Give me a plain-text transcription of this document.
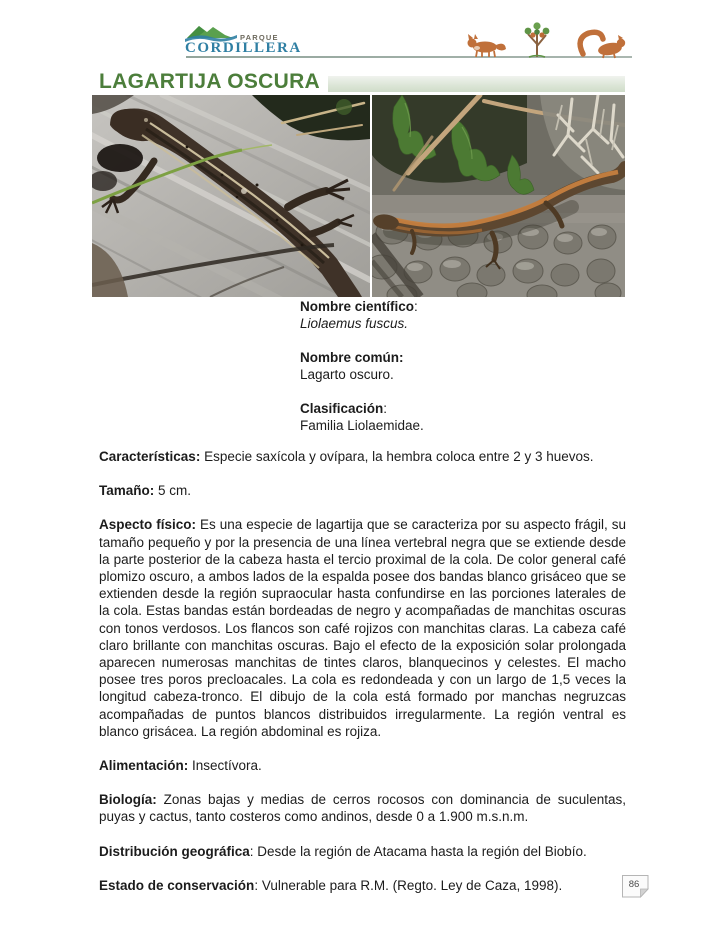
PARQUE
CORDILLERA
LAGARTIJA OSCURA

Nombre científico:

Liolaemus fuscus.

Nombre común:

Lagarto oscuro.

Clasificación:

Familia Liolaemidae.

Características: Especie saxícola y ovípara, la hembra coloca entre 2 y 3 huevos.

Tamaño: 5 cm.

Aspecto físico: Es una especie de lagartija que se caracteriza por su aspecto frágil, su tamaño pequeño y por la presencia de una línea vertebral negra que se extiende desde la parte posterior de la cabeza hasta el tercio proximal de la cola. De color general café plomizo oscuro, a ambos lados de la espalda posee dos bandas blanco grisáceo que se extienden desde la región supraocular hasta confundirse en las porciones laterales de la cola. Estas bandas están bordeadas de negro y acompañadas de manchitas oscuras con tonos verdosos. Los flancos son café rojizos con manchitas claras. La cabeza café claro brillante con manchitas oscuras. Bajo el efecto de la exposición solar prolongada aparecen numerosas manchitas de tintes claros, blanquecinos y celestes. El macho posee tres poros precloacales. La cola es redondeada y con un largo de 1,5 veces la longitud cabeza-tronco. El dibujo de la cola está formado por manchas negruzcas acompañadas de puntos blancos distribuidos irregularmente. La región ventral es blanco grisácea. La región abdominal es rojiza.

Alimentación: Insectívora.

Biología: Zonas bajas y medias de cerros rocosos con dominancia de suculentas, puyas y cactus, tanto costeros como andinos, desde 0 a 1.900 m.s.n.m.

Distribución geográfica: Desde la región de Atacama hasta la región del Biobío.

Estado de conservación: Vulnerable para R.M. (Regto. Ley de Caza, 1998).	86
